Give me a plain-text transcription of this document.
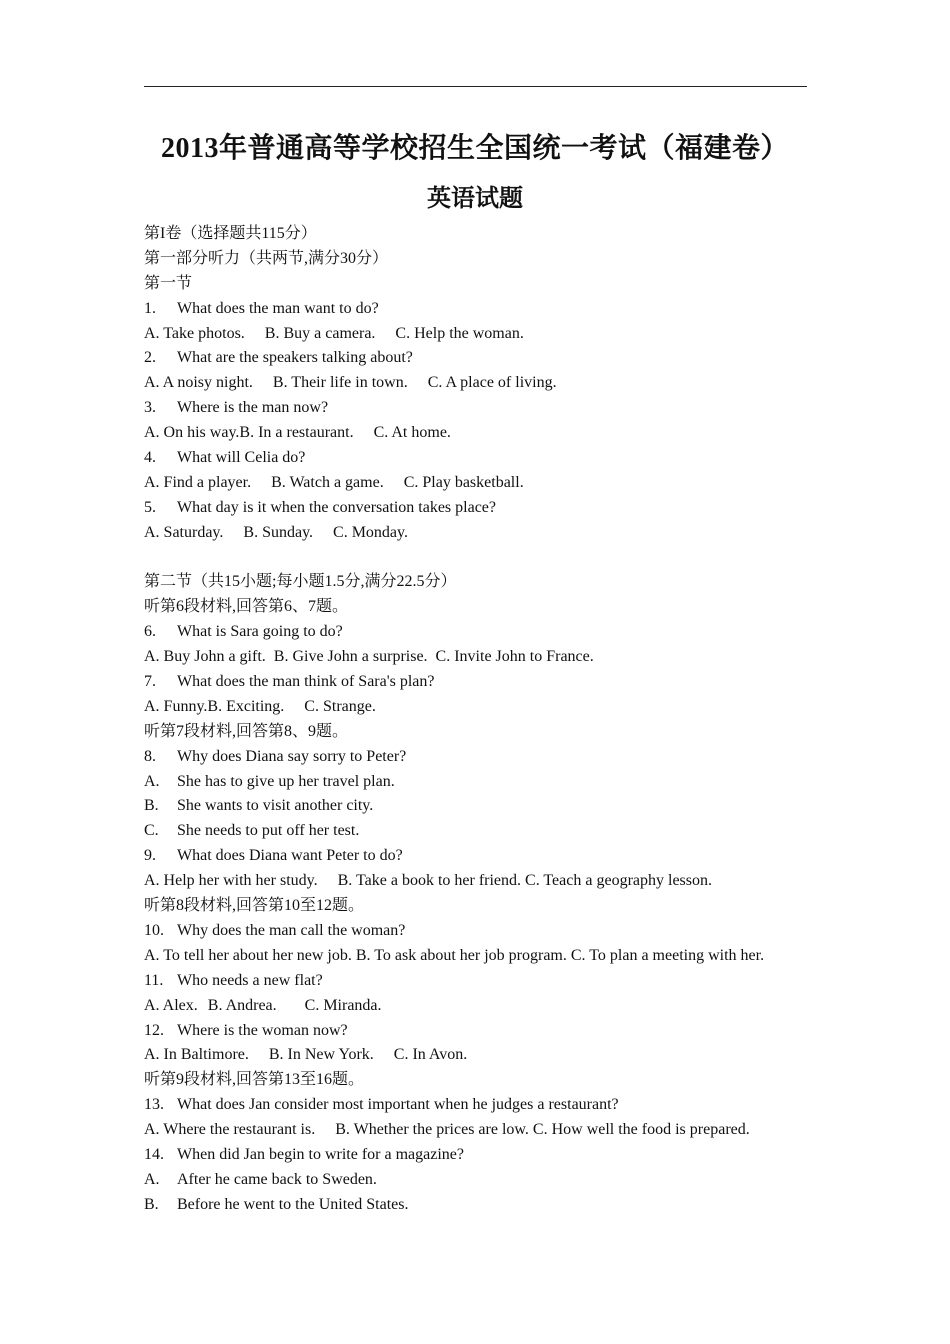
2013年普通高等学校招生全国统一考试（福建卷）
英语试题
第I卷（选择题共115分）
第一部分听力（共两节,满分30分）
第一节
1. What does the man want to do?
A. Take photos. B. Buy a camera. C. Help the woman.
2. What are the speakers talking about?
A. A noisy night. B. Their life in town. C. A place of living.
3. Where is the man now?
A. On his way.B. In a restaurant. C. At home.
4. What will Celia do?
A. Find a player. B. Watch a game. C. Play basketball.
5. What day is it when the conversation takes place?
A. Saturday. B. Sunday. C. Monday.
第二节（共15小题;每小题1.5分,满分22.5分）
听第6段材料,回答第6、7题。
6. What is Sara going to do?
A. Buy John a gift. B. Give John a surprise. C. Invite John to France.
7. What does the man think of Sara's plan?
A. Funny.B. Exciting. C. Strange.
听第7段材料,回答第8、9题。
8. Why does Diana say sorry to Peter?
A. She has to give up her travel plan.
B. She wants to visit another city.
C. She needs to put off her test.
9. What does Diana want Peter to do?
A. Help her with her study. B. Take a book to her friend. C. Teach a geography lesson.
听第8段材料,回答第10至12题。
10. Why does the man call the woman?
A. To tell her about her new job. B. To ask about her job program. C. To plan a meeting with her.
11. Who needs a new flat?
A. Alex. B. Andrea. C. Miranda.
12. Where is the woman now?
A. In Baltimore. B. In New York. C. In Avon.
听第9段材料,回答第13至16题。
13. What does Jan consider most important when he judges a restaurant?
A. Where the restaurant is. B. Whether the prices are low. C. How well the food is prepared.
14. When did Jan begin to write for a magazine?
A. After he came back to Sweden.
B. Before he went to the United States.
